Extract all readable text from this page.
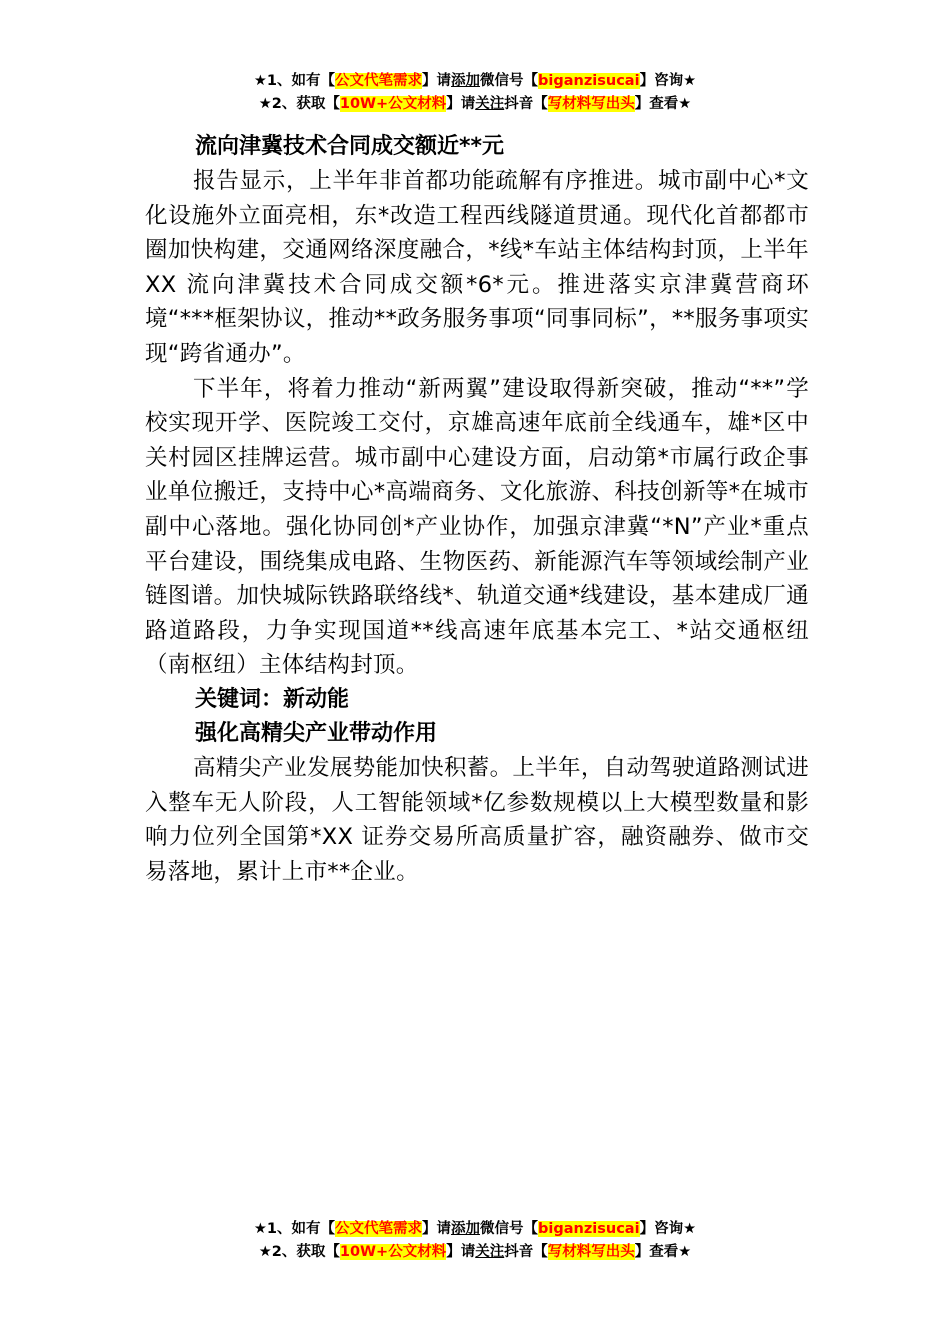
★1、如有【公文代笔需求】请添加微信号【biganzisucai】咨询★
★2、获取【10W+公文材料】请关注抖音【写材料写出头】查看★

流向津冀技术合同成交额近**元

报告显示，上半年非首都功能疏解有序推进。城市副中心*文化设施外立面亮相，东*改造工程西线隧道贯通。现代化首都都市圈加快构建，交通网络深度融合，*线*车站主体结构封顶，上半年 XX 流向津冀技术合同成交额*6*元。推进落实京津冀营商环境“***框架协议，推动**政务服务事项“同事同标”，**服务事项实现“跨省通办”。

下半年，将着力推动“新两翼”建设取得新突破，推动“**”学校实现开学、医院竣工交付，京雄高速年底前全线通车，雄*区中关村园区挂牌运营。城市副中心建设方面，启动第*市属行政企事业单位搬迁，支持中心*高端商务、文化旅游、科技创新等*在城市副中心落地。强化协同创*产业协作，加强京津冀“*N”产业*重点平台建设，围绕集成电路、生物医药、新能源汽车等领域绘制产业链图谱。加快城际铁路联络线*、轨道交通*线建设，基本建成厂通路道路段，力争实现国道**线高速年底基本完工、*站交通枢纽（南枢纽）主体结构封顶。

关键词：新动能

强化高精尖产业带动作用

高精尖产业发展势能加快积蓄。上半年，自动驾驶道路测试进入整车无人阶段，人工智能领域*亿参数规模以上大模型数量和影响力位列全国第*XX 证券交易所高质量扩容，融资融券、做市交易落地，累计上市**企业。

★1、如有【公文代笔需求】请添加微信号【biganzisucai】咨询★
★2、获取【10W+公文材料】请关注抖音【写材料写出头】查看★
